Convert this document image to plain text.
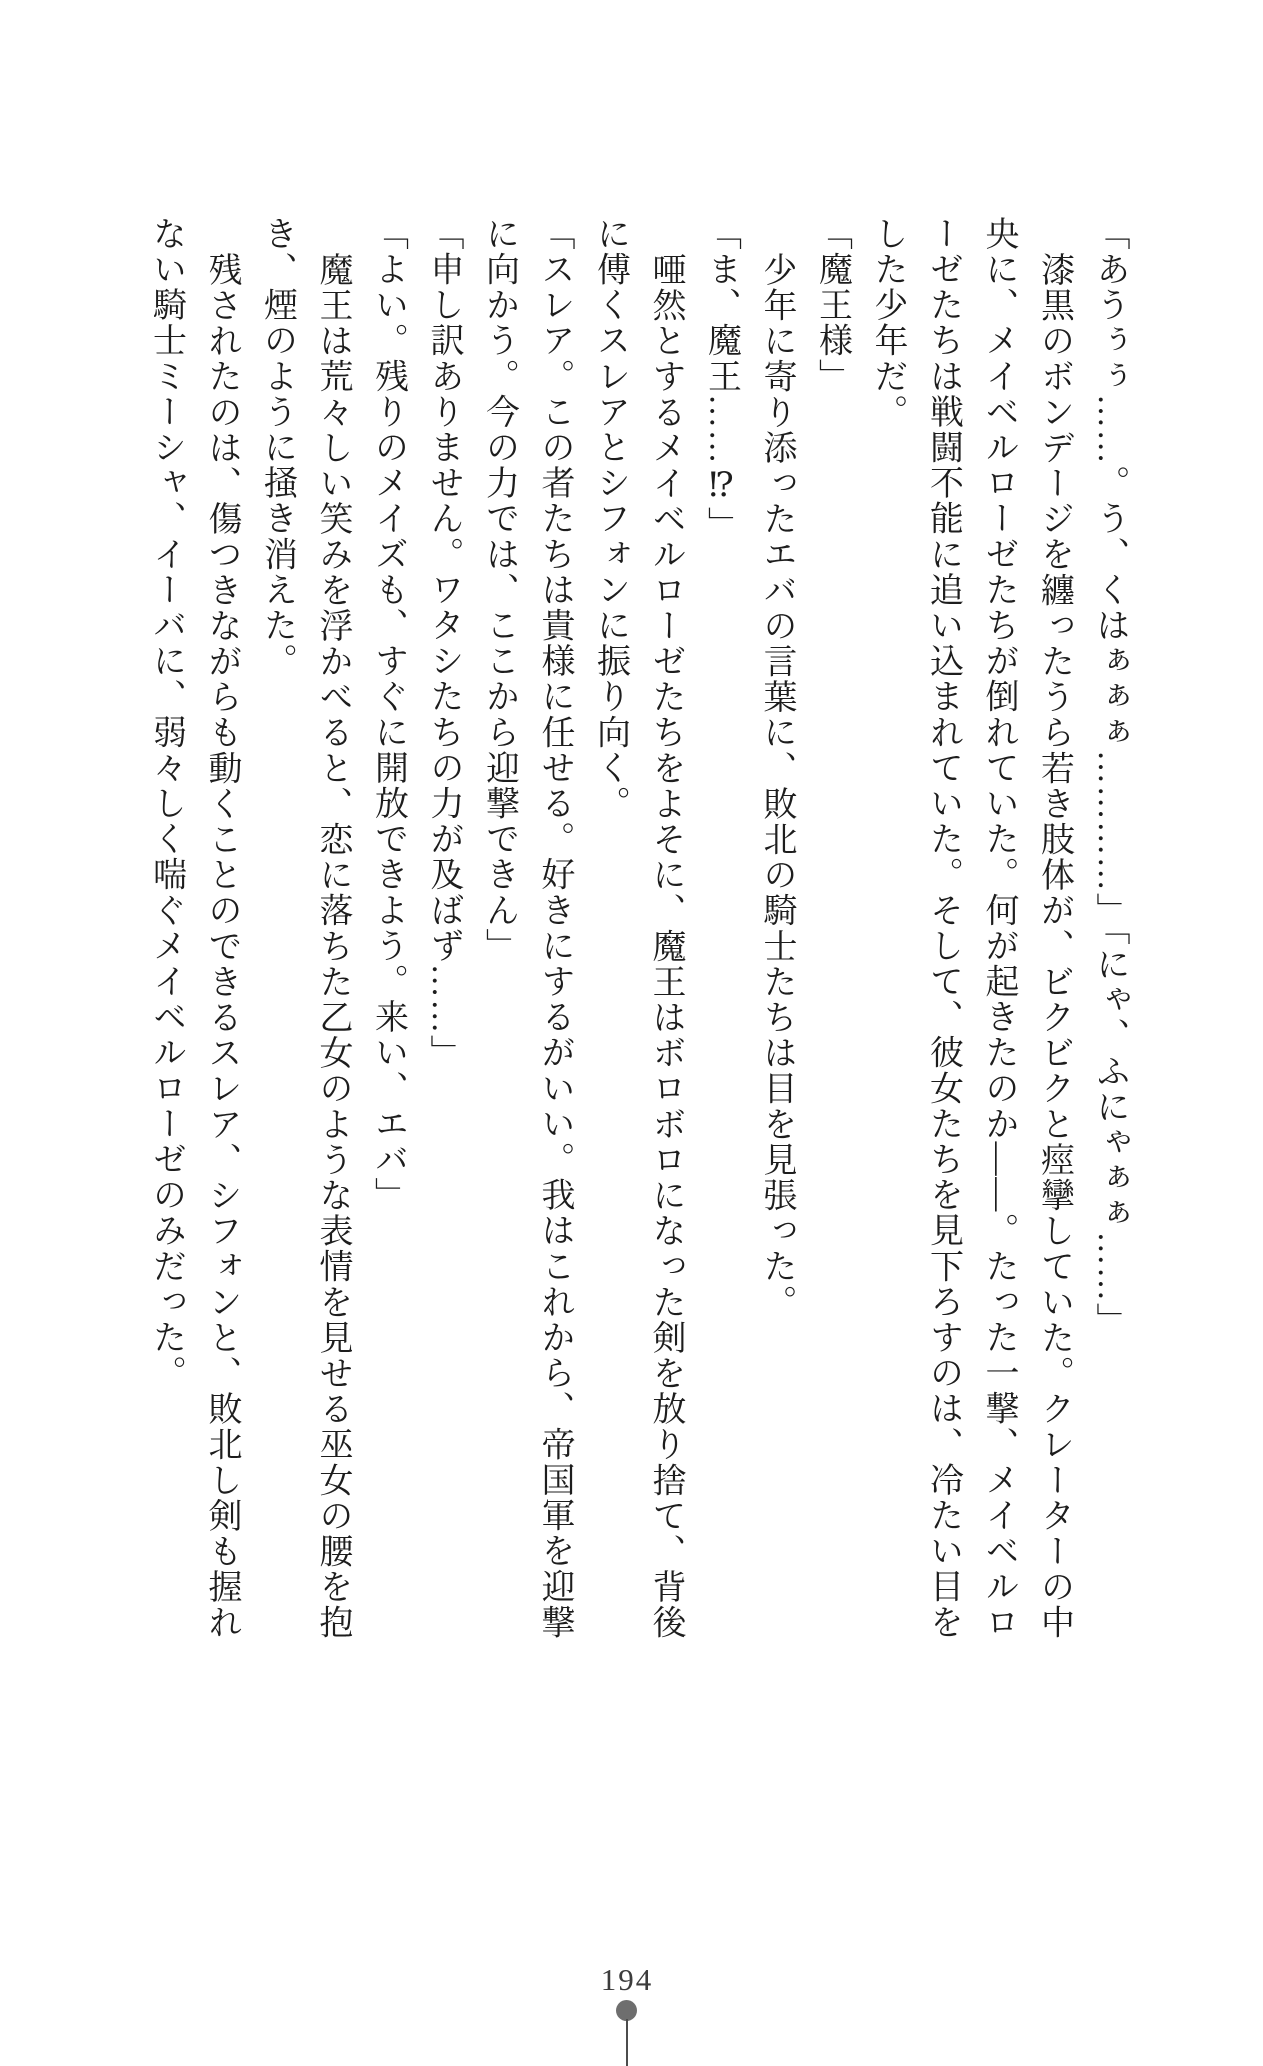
「あうぅぅ……。う、くはぁぁぁ…………」「にゃ、ふにゃぁぁ……」

漆黒のボンデージを纏ったうら若き肢体が、ビクビクと痙攣していた。クレーターの中

央に、メイベルローゼたちが倒れていた。何が起きたのか――。たった一撃、メイベルロ

ーゼたちは戦闘不能に追い込まれていた。そして、彼女たちを見下ろすのは、冷たい目を

した少年だ。

「魔王様」

少年に寄り添ったエバの言葉に、敗北の騎士たちは目を見張った。

「ま、魔王……⁉」

唖然とするメイベルローゼたちをよそに、魔王はボロボロになった剣を放り捨て、背後

に傅くスレアとシフォンに振り向く。

「スレア。この者たちは貴様に任せる。好きにするがいい。我はこれから、帝国軍を迎撃

に向かう。今の力では、ここから迎撃できん」

「申し訳ありません。ワタシたちの力が及ばず……」

「よい。残りのメイズも、すぐに開放できよう。来い、エバ」

魔王は荒々しい笑みを浮かべると、恋に落ちた乙女のような表情を見せる巫女の腰を抱

き、煙のように掻き消えた。

残されたのは、傷つきながらも動くことのできるスレア、シフォンと、敗北し剣も握れ

ない騎士ミーシャ、イーバに、弱々しく喘ぐメイベルローゼのみだった。

194
